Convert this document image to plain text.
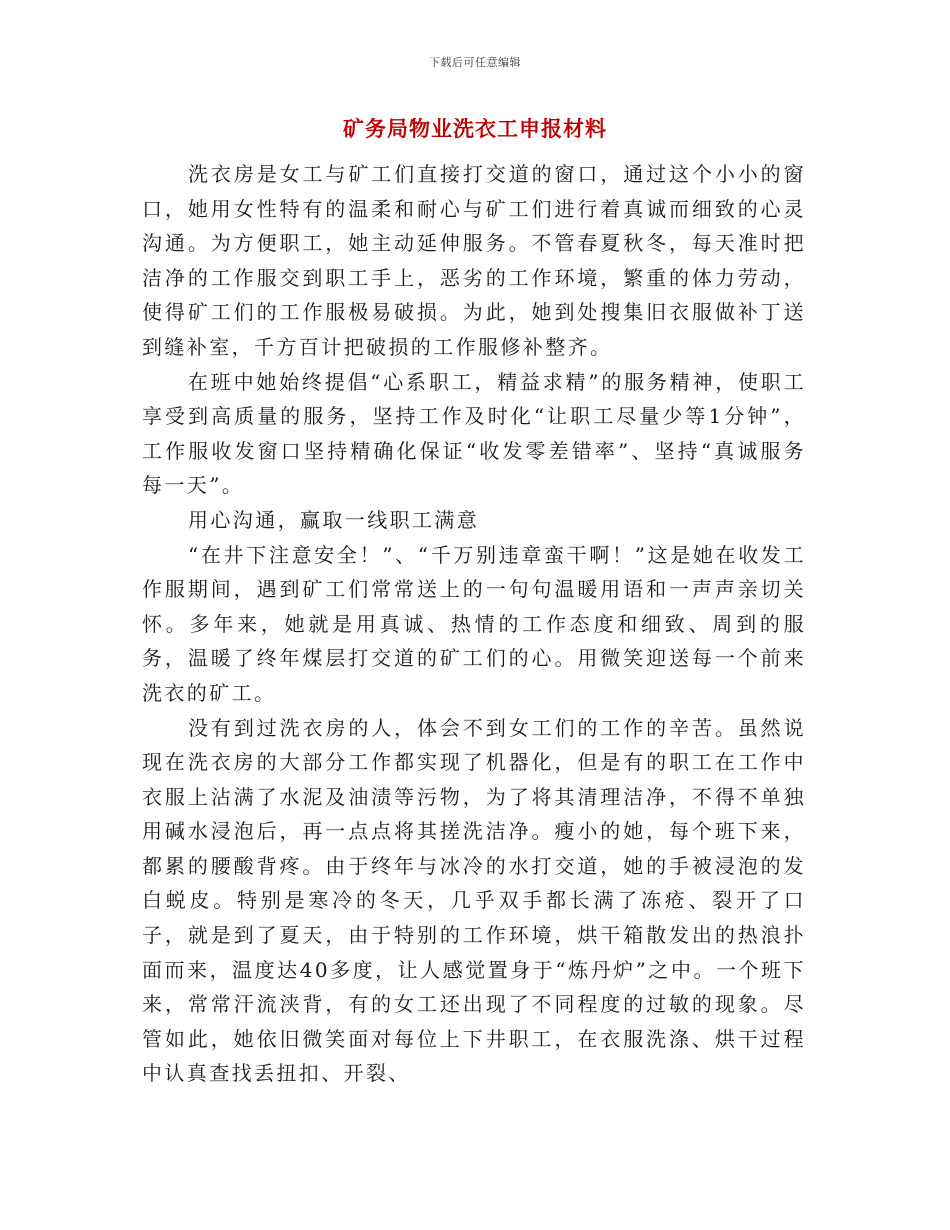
下载后可任意编辑
矿务局物业洗衣工申报材料

洗衣房是女工与矿工们直接打交道的窗口，通过这个小小的窗口，她用女性特有的温柔和耐心与矿工们进行着真诚而细致的心灵沟通。为方便职工，她主动延伸服务。不管春夏秋冬，每天准时把洁净的工作服交到职工手上，恶劣的工作环境，繁重的体力劳动，使得矿工们的工作服极易破损。为此，她到处搜集旧衣服做补丁送到缝补室，千方百计把破损的工作服修补整齐。

在班中她始终提倡“心系职工，精益求精”的服务精神，使职工享受到高质量的服务，坚持工作及时化“让职工尽量少等1分钟”，工作服收发窗口坚持精确化保证“收发零差错率”、坚持“真诚服务每一天”。

用心沟通，赢取一线职工满意

“在井下注意安全！”、“千万别违章蛮干啊！”这是她在收发工作服期间，遇到矿工们常常送上的一句句温暖用语和一声声亲切关怀。多年来，她就是用真诚、热情的工作态度和细致、周到的服务，温暖了终年煤层打交道的矿工们的心。用微笑迎送每一个前来洗衣的矿工。

没有到过洗衣房的人，体会不到女工们的工作的辛苦。虽然说现在洗衣房的大部分工作都实现了机器化，但是有的职工在工作中衣服上沾满了水泥及油渍等污物，为了将其清理洁净，不得不单独用碱水浸泡后，再一点点将其搓洗洁净。瘦小的她，每个班下来，都累的腰酸背疼。由于终年与冰冷的水打交道，她的手被浸泡的发白蜕皮。特别是寒冷的冬天，几乎双手都长满了冻疮、裂开了口子，就是到了夏天，由于特别的工作环境，烘干箱散发出的热浪扑面而来，温度达40多度，让人感觉置身于“炼丹炉”之中。一个班下来，常常汗流浃背，有的女工还出现了不同程度的过敏的现象。尽管如此，她依旧微笑面对每位上下井职工，在衣服洗涤、烘干过程中认真查找丢扭扣、开裂、
